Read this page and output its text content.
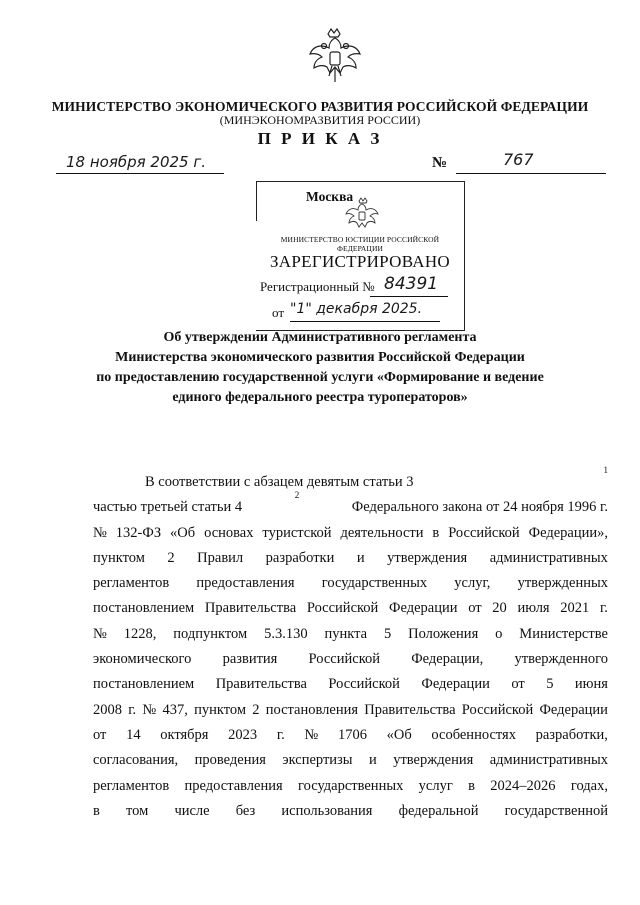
МИНИСТЕРСТВО ЭКОНОМИЧЕСКОГО РАЗВИТИЯ РОССИЙСКОЙ ФЕДЕРАЦИИ
(МИНЭКОНОМРАЗВИТИЯ РОССИИ)
П Р И К А З
18 ноября 2025 г.	№	767
Москва
МИНИСТЕРСТВО ЮСТИЦИИ РОССИЙСКОЙ ФЕДЕРАЦИИ
ЗАРЕГИСТРИРОВАНО
Регистрационный № 84391
от "1" декабря 2025.
Об утверждении Административного регламента
Министерства экономического развития Российской Федерации
по предоставлению государственной услуги «Формирование и ведение
единого федерального реестра туроператоров»
В соответствии с абзацем девятым статьи 3
1
частью третьей статьи 4
2
Федерального закона от 24 ноября 1996 г.
№ 132-ФЗ «Об основах туристской деятельности в Российской Федерации»,
пунктом 2 Правил разработки и утверждения административных
регламентов предоставления государственных услуг, утвержденных
постановлением Правительства Российской Федерации от 20 июля 2021 г.
№ 1228, подпунктом 5.3.130 пункта 5 Положения о Министерстве
экономического развития Российской Федерации, утвержденного
постановлением Правительства Российской Федерации от 5 июня
2008 г. № 437, пунктом 2 постановления Правительства Российской Федерации
от 14 октября 2023 г. № 1706 «Об особенностях разработки,
согласования, проведения экспертизы и утверждения административных
регламентов предоставления государственных услуг в 2024–2026 годах,
в том числе без использования федеральной государственной
